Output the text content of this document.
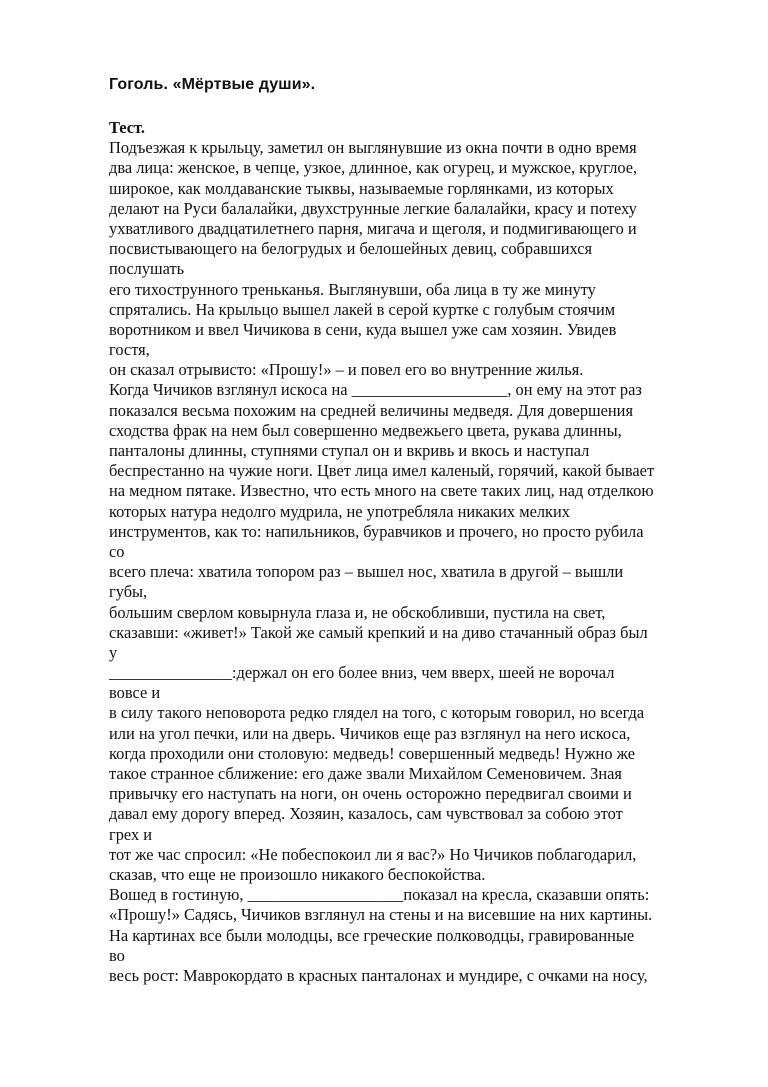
Гоголь. «Мёртвые души».
Тест.
Подъезжая к крыльцу, заметил он выглянувшие из окна почти в одно время
два лица: женское, в чепце, узкое, длинное, как огурец, и мужское, круглое,
широкое, как молдаванские тыквы, называемые горлянками, из которых
делают на Руси балалайки, двухструнные легкие балалайки, красу и потеху
ухватливого двадцатилетнего парня, мигача и щеголя, и подмигивающего и
посвистывающего на белогрудых и белошейных девиц, собравшихся
послушать
его тихострунного треньканья. Выглянувши, оба лица в ту же минуту
спрятались. На крыльцо вышел лакей в серой куртке с голубым стоячим
воротником и ввел Чичикова в сени, куда вышел уже сам хозяин. Увидев
гостя,
он сказал отрывисто: «Прошу!» – и повел его во внутренние жилья.
Когда Чичиков взглянул искоса на ___________________, он ему на этот раз
показался весьма похожим на средней величины медведя. Для довершения
сходства фрак на нем был совершенно медвежьего цвета, рукава длинны,
панталоны длинны, ступнями ступал он и вкривь и вкось и наступал
беспрестанно на чужие ноги. Цвет лица имел каленый, горячий, какой бывает
на медном пятаке. Известно, что есть много на свете таких лиц, над отделкою
которых натура недолго мудрила, не употребляла никаких мелких
инструментов, как то: напильников, буравчиков и прочего, но просто рубила
со
всего плеча: хватила топором раз – вышел нос, хватила в другой – вышли
губы,
большим сверлом ковырнула глаза и, не обскобливши, пустила на свет,
сказавши: «живет!» Такой же самый крепкий и на диво стачанный образ был
у
_______________:держал он его более вниз, чем вверх, шеей не ворочал
вовсе и
в силу такого неповорота редко глядел на того, с которым говорил, но всегда
или на угол печки, или на дверь. Чичиков еще раз взглянул на него искоса,
когда проходили они столовую: медведь! совершенный медведь! Нужно же
такое странное сближение: его даже звали Михайлом Семеновичем. Зная
привычку его наступать на ноги, он очень осторожно передвигал своими и
давал ему дорогу вперед. Хозяин, казалось, сам чувствовал за собою этот
грех и
тот же час спросил: «Не побеспокоил ли я вас?» Но Чичиков поблагодарил,
сказав, что еще не произошло никакого беспокойства.
Вошед в гостиную, ___________________показал на кресла, сказавши опять:
«Прошу!» Садясь, Чичиков взглянул на стены и на висевшие на них картины.
На картинах все были молодцы, все греческие полководцы, гравированные
во
весь рост: Маврокордато в красных панталонах и мундире, с очками на носу,
